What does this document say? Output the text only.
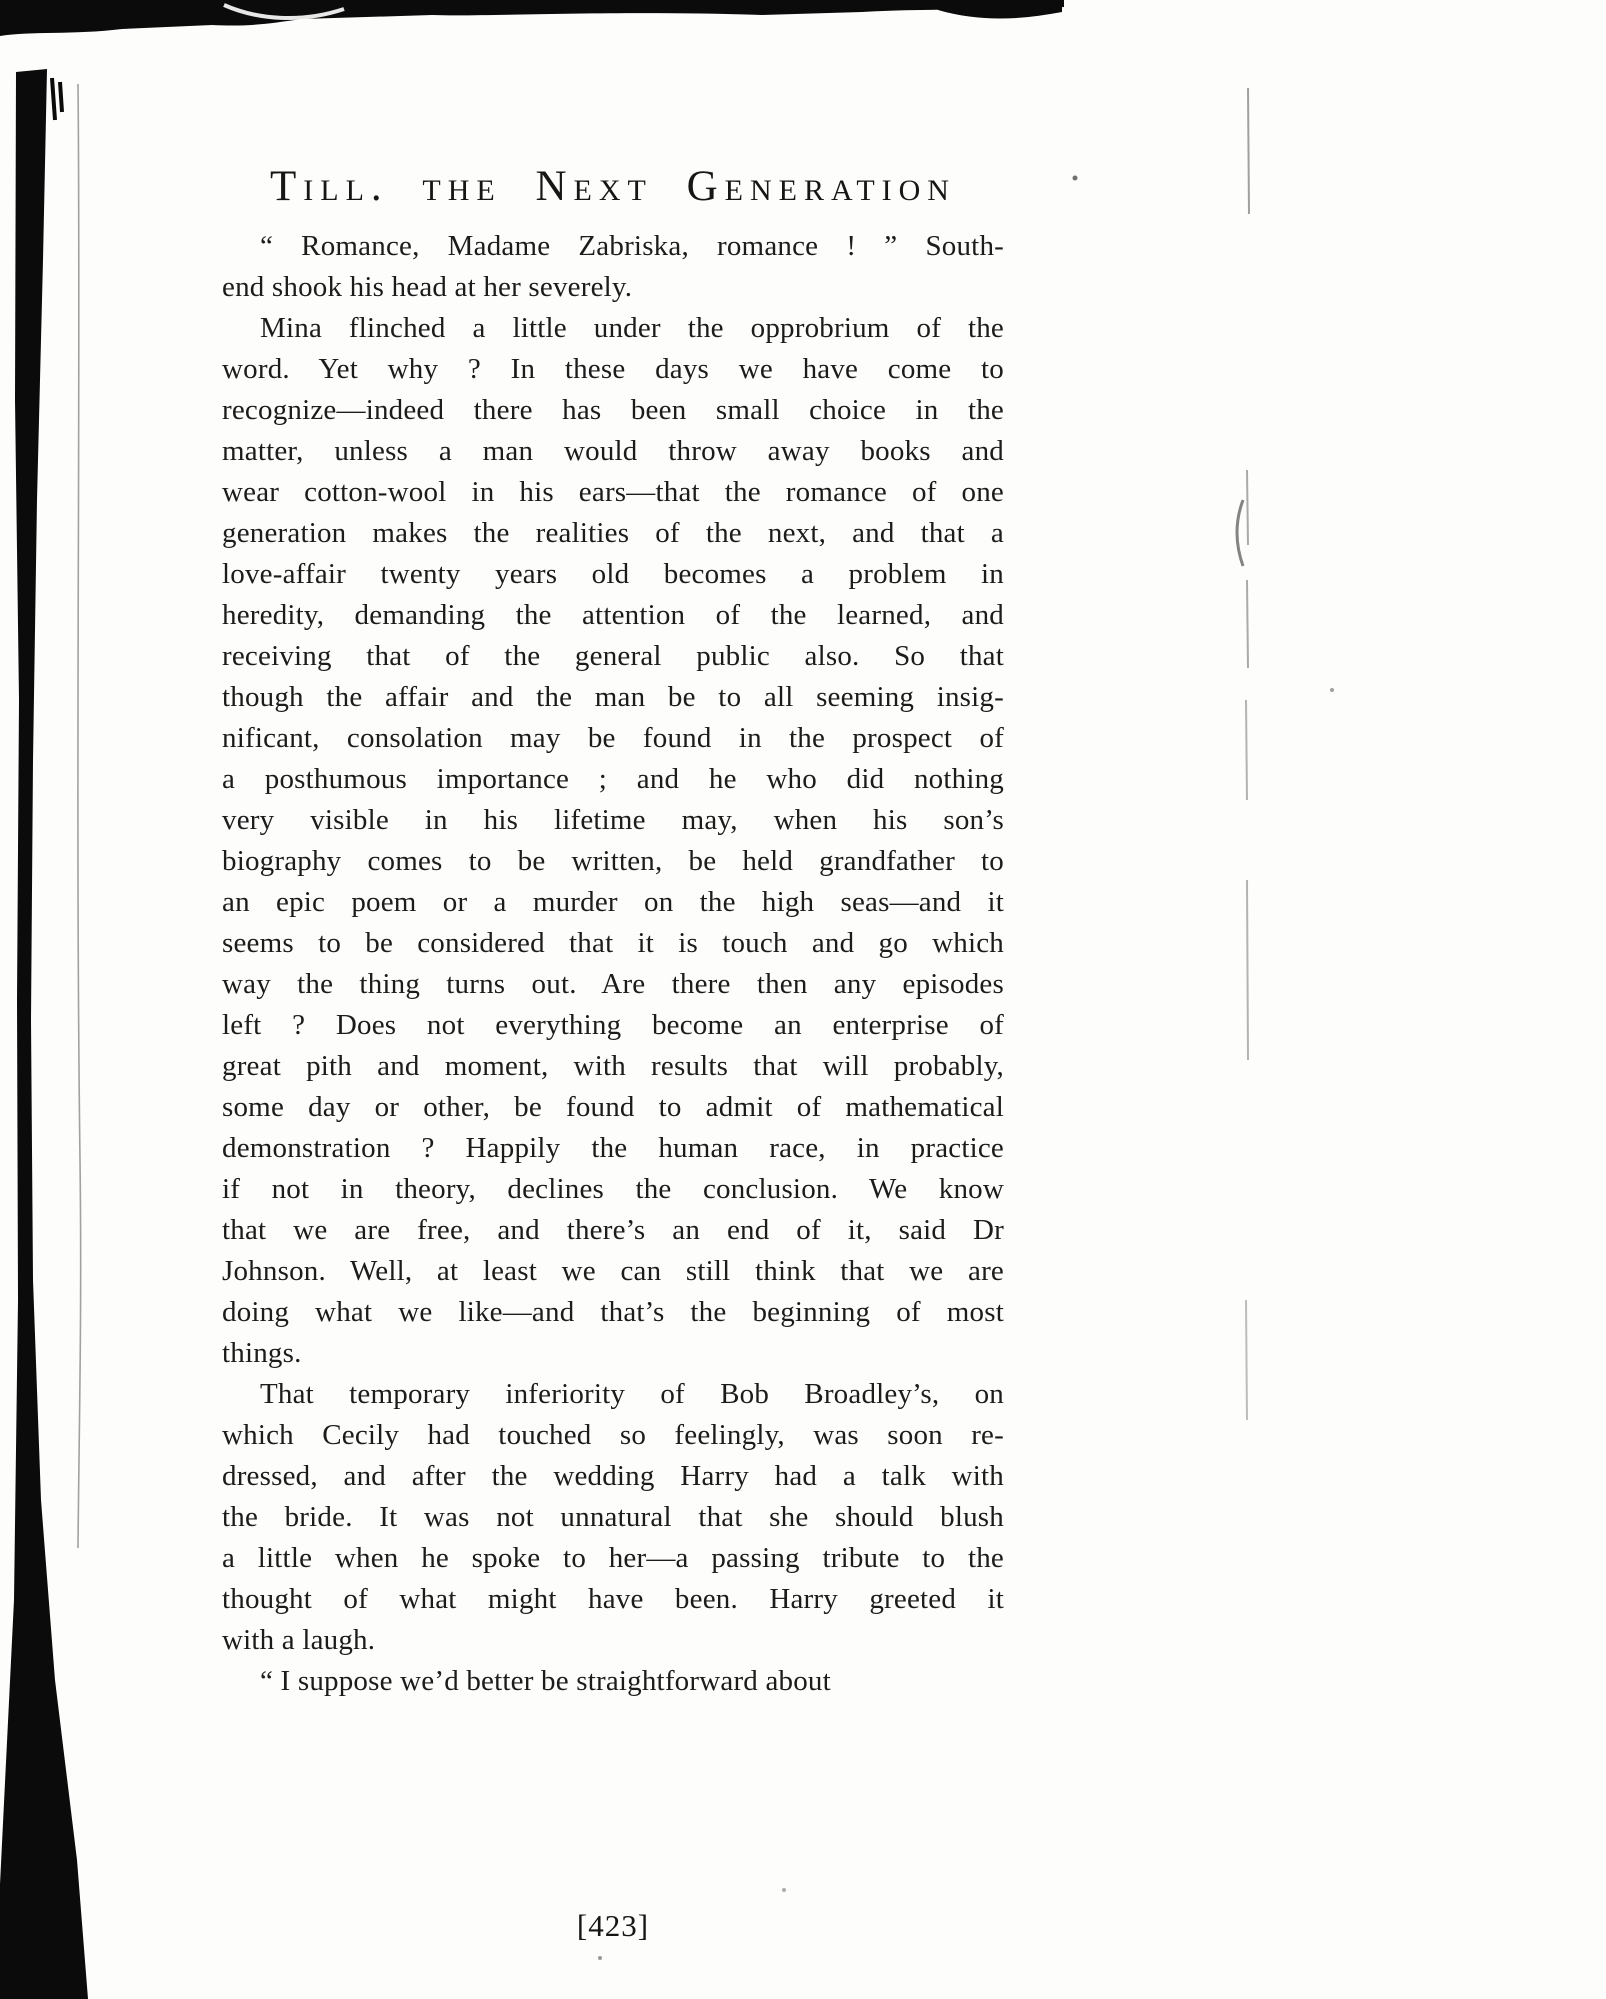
Till. the Next Generation
“ Romance, Madame Zabriska, romance ! ” South-
end shook his head at her severely.
Mina flinched a little under the opprobrium of the
word. Yet why ? In these days we have come to
recognize—indeed there has been small choice in the
matter, unless a man would throw away books and
wear cotton-wool in his ears—that the romance of one
generation makes the realities of the next, and that a
love-affair twenty years old becomes a problem in
heredity, demanding the attention of the learned, and
receiving that of the general public also. So that
though the affair and the man be to all seeming insig-
nificant, consolation may be found in the prospect of
a posthumous importance ; and he who did nothing
very visible in his lifetime may, when his son’s
biography comes to be written, be held grandfather to
an epic poem or a murder on the high seas—and it
seems to be considered that it is touch and go which
way the thing turns out. Are there then any episodes
left ? Does not everything become an enterprise of
great pith and moment, with results that will probably,
some day or other, be found to admit of mathematical
demonstration ? Happily the human race, in practice
if not in theory, declines the conclusion. We know
that we are free, and there’s an end of it, said Dr
Johnson. Well, at least we can still think that we are
doing what we like—and that’s the beginning of most
things.
That temporary inferiority of Bob Broadley’s, on
which Cecily had touched so feelingly, was soon re-
dressed, and after the wedding Harry had a talk with
the bride. It was not unnatural that she should blush
a little when he spoke to her—a passing tribute to the
thought of what might have been. Harry greeted it
with a laugh.
“ I suppose we’d better be straightforward about
[423]
